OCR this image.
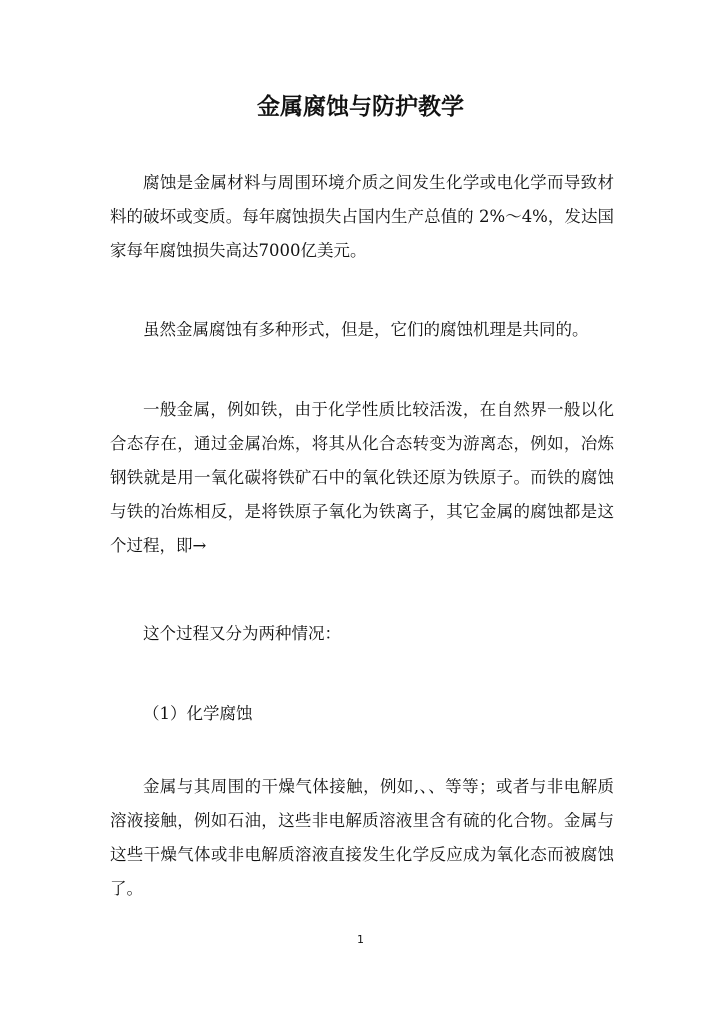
金属腐蚀与防护教学

腐蚀是金属材料与周围环境介质之间发生化学或电化学而导致材料的破坏或变质。每年腐蚀损失占国内生产总值的 2%～4%，发达国家每年腐蚀损失高达7000亿美元。

虽然金属腐蚀有多种形式，但是，它们的腐蚀机理是共同的。

一般金属，例如铁，由于化学性质比较活泼，在自然界一般以化合态存在，通过金属冶炼，将其从化合态转变为游离态，例如，冶炼钢铁就是用一氧化碳将铁矿石中的氧化铁还原为铁原子。而铁的腐蚀与铁的冶炼相反，是将铁原子氧化为铁离子，其它金属的腐蚀都是这个过程，即→

这个过程又分为两种情况：

（1）化学腐蚀

金属与其周围的干燥气体接触，例如,、、等等；或者与非电解质溶液接触，例如石油，这些非电解质溶液里含有硫的化合物。金属与这些干燥气体或非电解质溶液直接发生化学反应成为氧化态而被腐蚀了。

1
